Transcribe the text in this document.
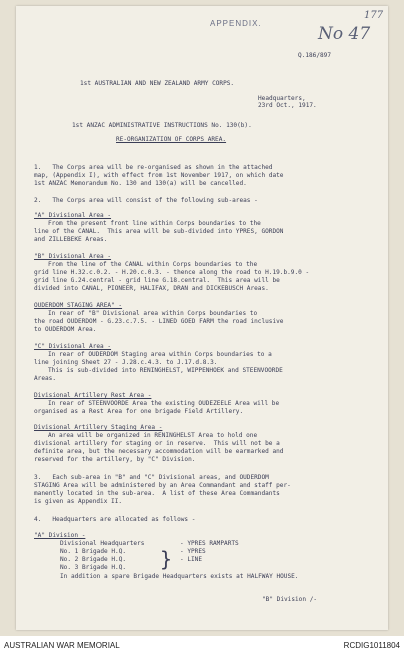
177
No 47
APPENDIX.
Q.186/897
1st AUSTRALIAN AND NEW ZEALAND ARMY CORPS.
Headquarters,
23rd Oct., 1917.
1st ANZAC ADMINISTRATIVE INSTRUCTIONS No. 130(b).
RE-ORGANIZATION OF CORPS AREA.
1.   The Corps area will be re-organised as shown in the attached
map, (Appendix I), with effect from 1st November 1917, on which date
1st ANZAC Memorandum No. 130 and 130(a) will be cancelled.
2.   The Corps area will consist of the following sub-areas -
"A" Divisional Area -
From the present front line within Corps boundaries to the
line of the CANAL.  This area will be sub-divided into YPRES, GORDON
and ZILLEBEKE Areas.
"B" Divisional Area -
From the line of the CANAL within Corps boundaries to the
grid line H.32.c.0.2. - H.20.c.0.3. - thence along the road to H.19.b.9.0 -
grid line G.24.central - grid line G.18.central.  This area will be
divided into CANAL, PIONEER, HALIFAX, DRAN and DICKEBUSCH Areas.
OUDERDOM STAGING AREA" -
In rear of "B" Divisional area within Corps boundaries to
the road OUDERDOM - G.23.c.7.5. - LINED GOED FARM the road inclusive
to OUDERDOM Area.
"C" Divisional Area -
In rear of OUDERDOM Staging area within Corps boundaries to a
line joining Sheet 27 - J.28.c.4.3. to J.17.d.8.3.
This is sub-divided into RENINGHELST, WIPPENHOEK and STEENVOORDE
Areas.
Divisional Artillery Rest Area -
In rear of STEENVOORDE Area the existing OUDEZEELE Area will be
organised as a Rest Area for one brigade Field Artillery.
Divisional Artillery Staging Area -
An area will be organized in RENINGHELST Area to hold one
divisional artillery for staging or in reserve.  This will not be a
definite area, but the necessary accommodation will be earmarked and
reserved for the artillery, by "C" Division.
3.   Each sub-area in "B" and "C" Divisional areas, and OUDERDOM
STAGING Area will be administered by an Area Commandant and staff per-
manently located in the sub-area.  A list of these Area Commandants
is given as Appendix II.
4.   Headquarters are allocated as follows -
"A" Division -
Divisional Headquarters	- YPRES RAMPARTS
No. 1 Brigade H.Q.	- YPRES
No. 2 Brigade H.Q.	- LINE
No. 3 Brigade H.Q. }
In addition a spare Brigade Headquarters exists at HALFWAY HOUSE.
"B" Division /-
AUSTRALIAN WAR MEMORIAL	RCDIG1011804
